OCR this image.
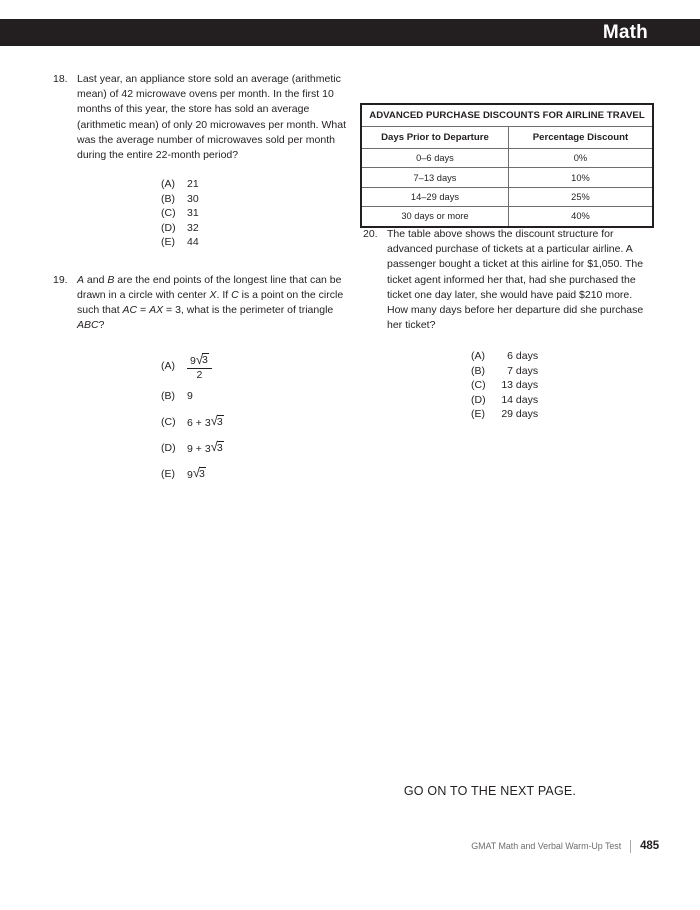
Math
18. Last year, an appliance store sold an average (arithmetic mean) of 42 microwave ovens per month. In the first 10 months of this year, the store has sold an average (arithmetic mean) of only 20 microwaves per month. What was the average number of microwaves sold per month during the entire 22-month period?
(A)	21
(B)	30
(C)	31
(D)	32
(E)	44
19. A and B are the end points of the longest line that can be drawn in a circle with center X. If C is a point on the circle such that AC = AX = 3, what is the perimeter of triangle ABC?
(A)	$\frac{9 √ 3}{2}$
(B)	9
(C)	6 + 3 √ 3
(D)	9 + 3 √ 3
(E)	9 √ 3
ADVANCED PURCHASE DISCOUNTS FOR AIRLINE TRAVEL	
Days Prior to Departure	Percentage Discount
0–6 days	0%
7–13 days	10%
14–29 days	25%
30 days or more	40%
20. The table above shows the discount structure for advanced purchase of tickets at a particular airline. A passenger bought a ticket at this airline for $1,050. The ticket agent informed her that, had she purchased the ticket one day later, she would have paid $210 more. How many days before her departure did she purchase her ticket?
(A)	6 days
(B)	7 days
(C)	13 days
(D)	14 days
(E)	29 days
GO ON TO THE NEXT PAGE.
GMAT Math and Verbal Warm-Up Test 485
